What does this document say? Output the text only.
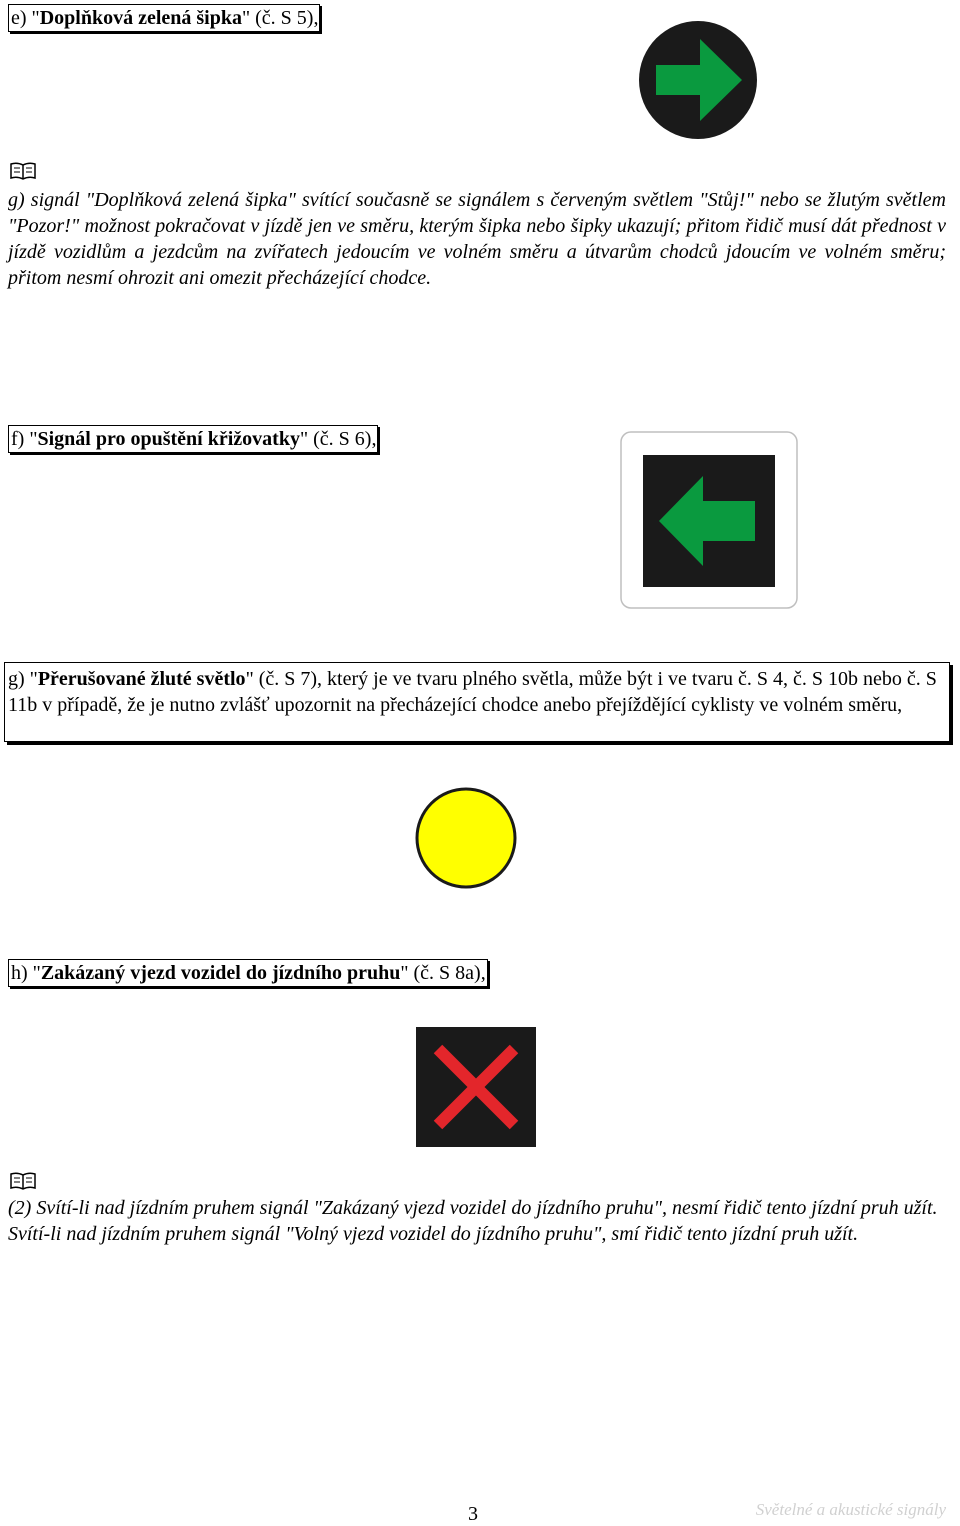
e) "Doplňková zelená šipka" (č. S 5),

g) signál "Doplňková zelená šipka" svítící současně se signálem s červeným světlem "Stůj!" nebo se žlutým světlem "Pozor!" možnost pokračovat v jízdě jen ve směru, kterým šipka nebo šipky ukazují; přitom řidič musí dát přednost v jízdě vozidlům a jezdcům na zvířatech jedoucím ve volném směru a útvarům chodců jdoucím ve volném směru; přitom nesmí ohrozit ani omezit přecházející chodce.

f) "Signál pro opuštění křižovatky" (č. S 6),
g) "Přerušované žluté světlo" (č. S 7), který je ve tvaru plného světla, může být i ve tvaru č. S 4, č. S 10b nebo č. S 11b v případě, že je nutno zvlášť upozornit na přecházející chodce anebo přejíždějící cyklisty ve volném směru,
h) "Zakázaný vjezd vozidel do jízdního pruhu" (č. S 8a),

(2) Svítí-li nad jízdním pruhem signál "Zakázaný vjezd vozidel do jízdního pruhu", nesmí řidič tento jízdní pruh užít. Svítí-li nad jízdním pruhem signál "Volný vjezd vozidel do jízdního pruhu", smí řidič tento jízdní pruh užít.

3	Světelné a akustické signály
